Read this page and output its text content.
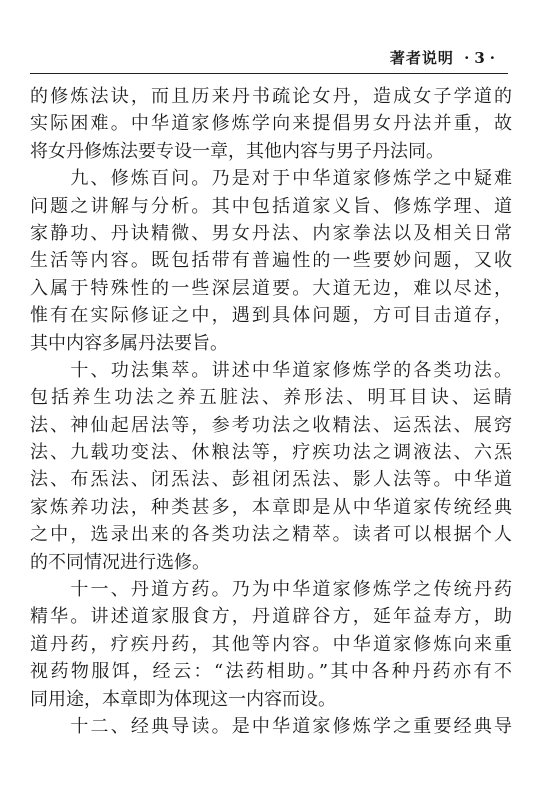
著者说明 · 3 ·
的修炼法诀，而且历来丹书疏论女丹，造成女子学道的
实际困难。中华道家修炼学向来提倡男女丹法并重，故
将女丹修炼法要专设一章，其他内容与男子丹法同。
　　九、修炼百问。乃是对于中华道家修炼学之中疑难
问题之讲解与分析。其中包括道家义旨、修炼学理、道
家静功、丹诀精微、男女丹法、内家拳法以及相关日常
生活等内容。既包括带有普遍性的一些要妙问题，又收
入属于特殊性的一些深层道要。大道无边，难以尽述，
惟有在实际修证之中，遇到具体问题，方可目击道存，
其中内容多属丹法要旨。
　　十、功法集萃。讲述中华道家修炼学的各类功法。
包括养生功法之养五脏法、养形法、明耳目诀、运睛
法、神仙起居法等，参考功法之收精法、运炁法、展窍
法、九载功变法、休粮法等，疗疾功法之调液法、六炁
法、布炁法、闭炁法、彭祖闭炁法、影人法等。中华道
家炼养功法，种类甚多，本章即是从中华道家传统经典
之中，选录出来的各类功法之精萃。读者可以根据个人
的不同情况进行选修。
　　十一、丹道方药。乃为中华道家修炼学之传统丹药
精华。讲述道家服食方，丹道辟谷方，延年益寿方，助
道丹药，疗疾丹药，其他等内容。中华道家修炼向来重
视药物服饵，经云：“法药相助。”其中各种丹药亦有不
同用途，本章即为体现这一内容而设。
　　十二、经典导读。是中华道家修炼学之重要经典导
